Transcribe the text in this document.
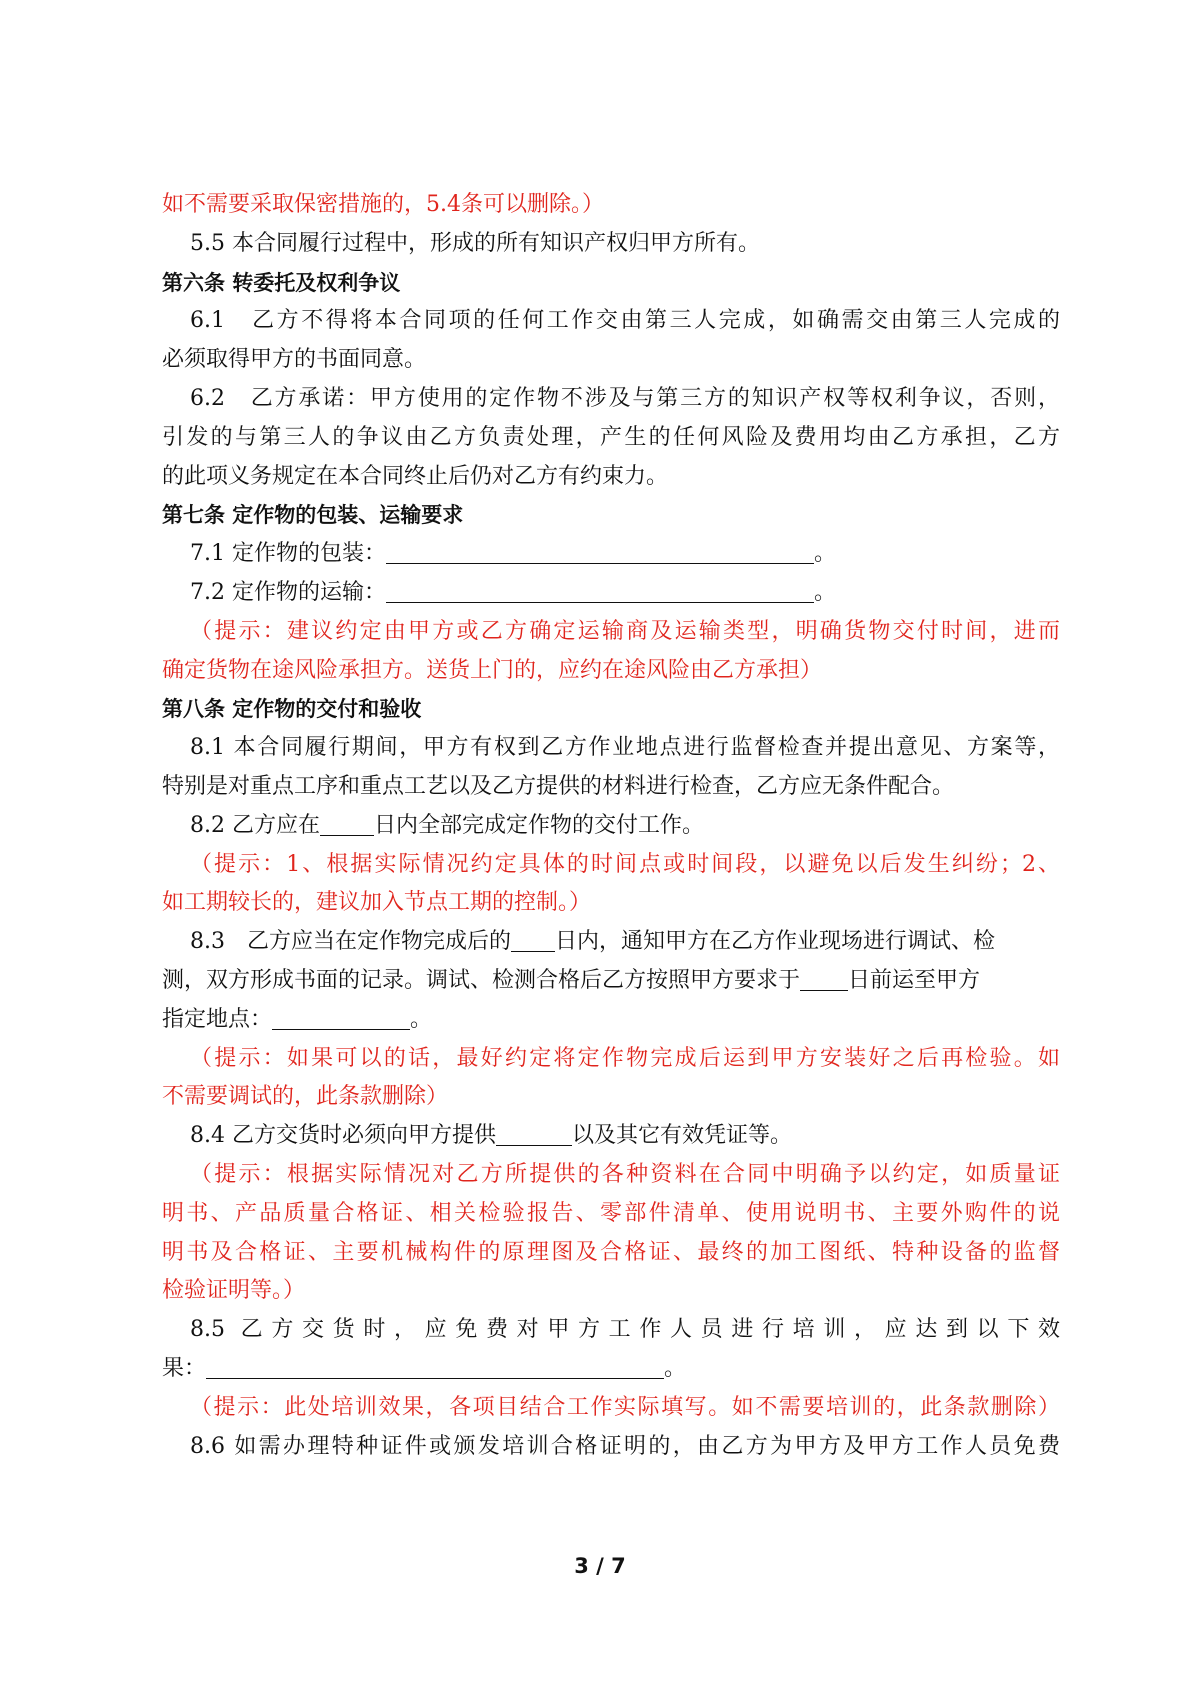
如不需要采取保密措施的，5.4条可以删除。）
5.5 本合同履行过程中，形成的所有知识产权归甲方所有。
第六条 转委托及权利争议
6.1　乙方不得将本合同项的任何工作交由第三人完成，如确需交由第三人完成的
必须取得甲方的书面同意。
6.2　乙方承诺：甲方使用的定作物不涉及与第三方的知识产权等权利争议，否则，
引发的与第三人的争议由乙方负责处理，产生的任何风险及费用均由乙方承担，乙方
的此项义务规定在本合同终止后仍对乙方有约束力。
第七条 定作物的包装、运输要求
7.1 定作物的包装：	。
7.2 定作物的运输：	。
（提示：建议约定由甲方或乙方确定运输商及运输类型，明确货物交付时间，进而
确定货物在途风险承担方。送货上门的，应约在途风险由乙方承担）
第八条 定作物的交付和验收
8.1 本合同履行期间，甲方有权到乙方作业地点进行监督检查并提出意见、方案等，
特别是对重点工序和重点工艺以及乙方提供的材料进行检查，乙方应无条件配合。
8.2 乙方应在 日内全部完成定作物的交付工作。
（提示：1、根据实际情况约定具体的时间点或时间段，以避免以后发生纠纷；2、
如工期较长的，建议加入节点工期的控制。）
8.3　乙方应当在定作物完成后的 日内，通知甲方在乙方作业现场进行调试、检
测，双方形成书面的记录。调试、检测合格后乙方按照甲方要求于 日前运至甲方
指定地点：	。
（提示：如果可以的话，最好约定将定作物完成后运到甲方安装好之后再检验。如
不需要调试的，此条款删除）
8.4 乙方交货时必须向甲方提供	以及其它有效凭证等。
（提示：根据实际情况对乙方所提供的各种资料在合同中明确予以约定，如质量证
明书、产品质量合格证、相关检验报告、零部件清单、使用说明书、主要外购件的说
明书及合格证、主要机械构件的原理图及合格证、最终的加工图纸、特种设备的监督
检验证明等。）
8.5 乙方交货时，应免费对甲方工作人员进行培训，应达到以下效
果：	。
（提示：此处培训效果，各项目结合工作实际填写。如不需要培训的，此条款删除）
8.6 如需办理特种证件或颁发培训合格证明的，由乙方为甲方及甲方工作人员免费
3 / 7
